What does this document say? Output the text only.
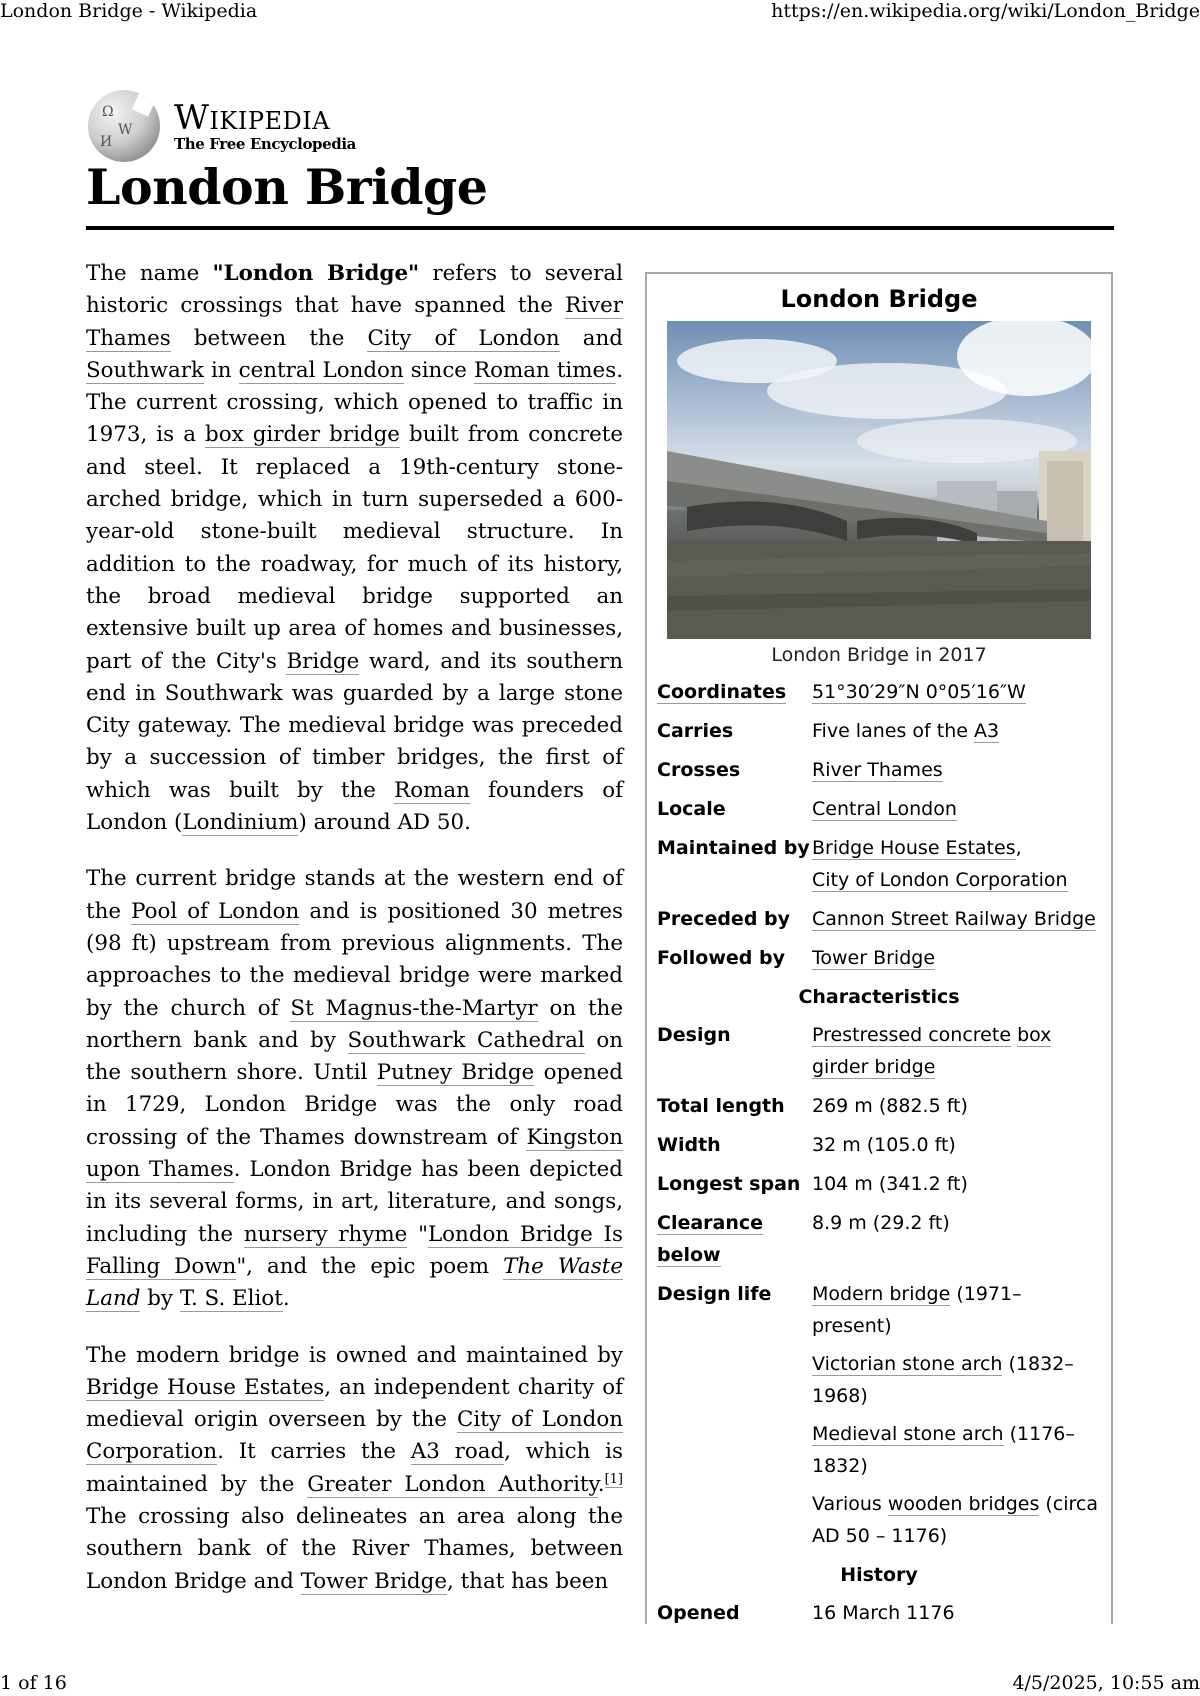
London Bridge - Wikipedia	https://en.wikipedia.org/wiki/London_Bridge
Ω
W
И
Wikipedia
The Free Encyclopedia
London Bridge

The name "London Bridge" refers to several historic crossings that have spanned the River Thames between the City of London and Southwark in central London since Roman times. The current crossing, which opened to traffic in 1973, is a box girder bridge built from concrete and steel. It replaced a 19th-century stone-arched bridge, which in turn superseded a 600-year-old stone-built medieval structure. In addition to the roadway, for much of its history, the broad medieval bridge supported an extensive built up area of homes and businesses, part of the City's Bridge ward, and its southern end in Southwark was guarded by a large stone City gateway. The medieval bridge was preceded by a succession of timber bridges, the first of which was built by the Roman founders of London (Londinium) around AD 50.

The current bridge stands at the western end of the Pool of London and is positioned 30 metres (98 ft) upstream from previous alignments. The approaches to the medieval bridge were marked by the church of St Magnus-the-Martyr on the northern bank and by Southwark Cathedral on the southern shore. Until Putney Bridge opened in 1729, London Bridge was the only road crossing of the Thames downstream of Kingston upon Thames. London Bridge has been depicted in its several forms, in art, literature, and songs, including the nursery rhyme "London Bridge Is Falling Down", and the epic poem The Waste Land by T. S. Eliot.

The modern bridge is owned and maintained by Bridge House Estates, an independent charity of medieval origin overseen by the City of London Corporation. It carries the A3 road, which is maintained by the Greater London Authority.[1] The crossing also delineates an area along the southern bank of the River Thames, between London Bridge and Tower Bridge, that has been

London Bridge
London Bridge in 2017
Coordinates	51°30′29″N 0°05′16″W
Carries	Five lanes of the A3
Crosses	River Thames
Locale	Central London
Maintained by Bridge House Estates,
City of London Corporation
Preceded by	Cannon Street Railway Bridge
Followed by	Tower Bridge
Characteristics
Design	Prestressed concrete box
girder bridge
Total length	269 m (882.5 ft)
Width	32 m (105.0 ft)
Longest span 104 m (341.2 ft)
Clearance below
8.9 m (29.2 ft)
Design life	Modern bridge (1971–present)
Victorian stone arch (1832–
1968)
Medieval stone arch (1176–
1832)
Various wooden bridges (circa
AD 50 – 1176)
History
Opened	16 March 1176
1 of 16	4/5/2025, 10:55 am
